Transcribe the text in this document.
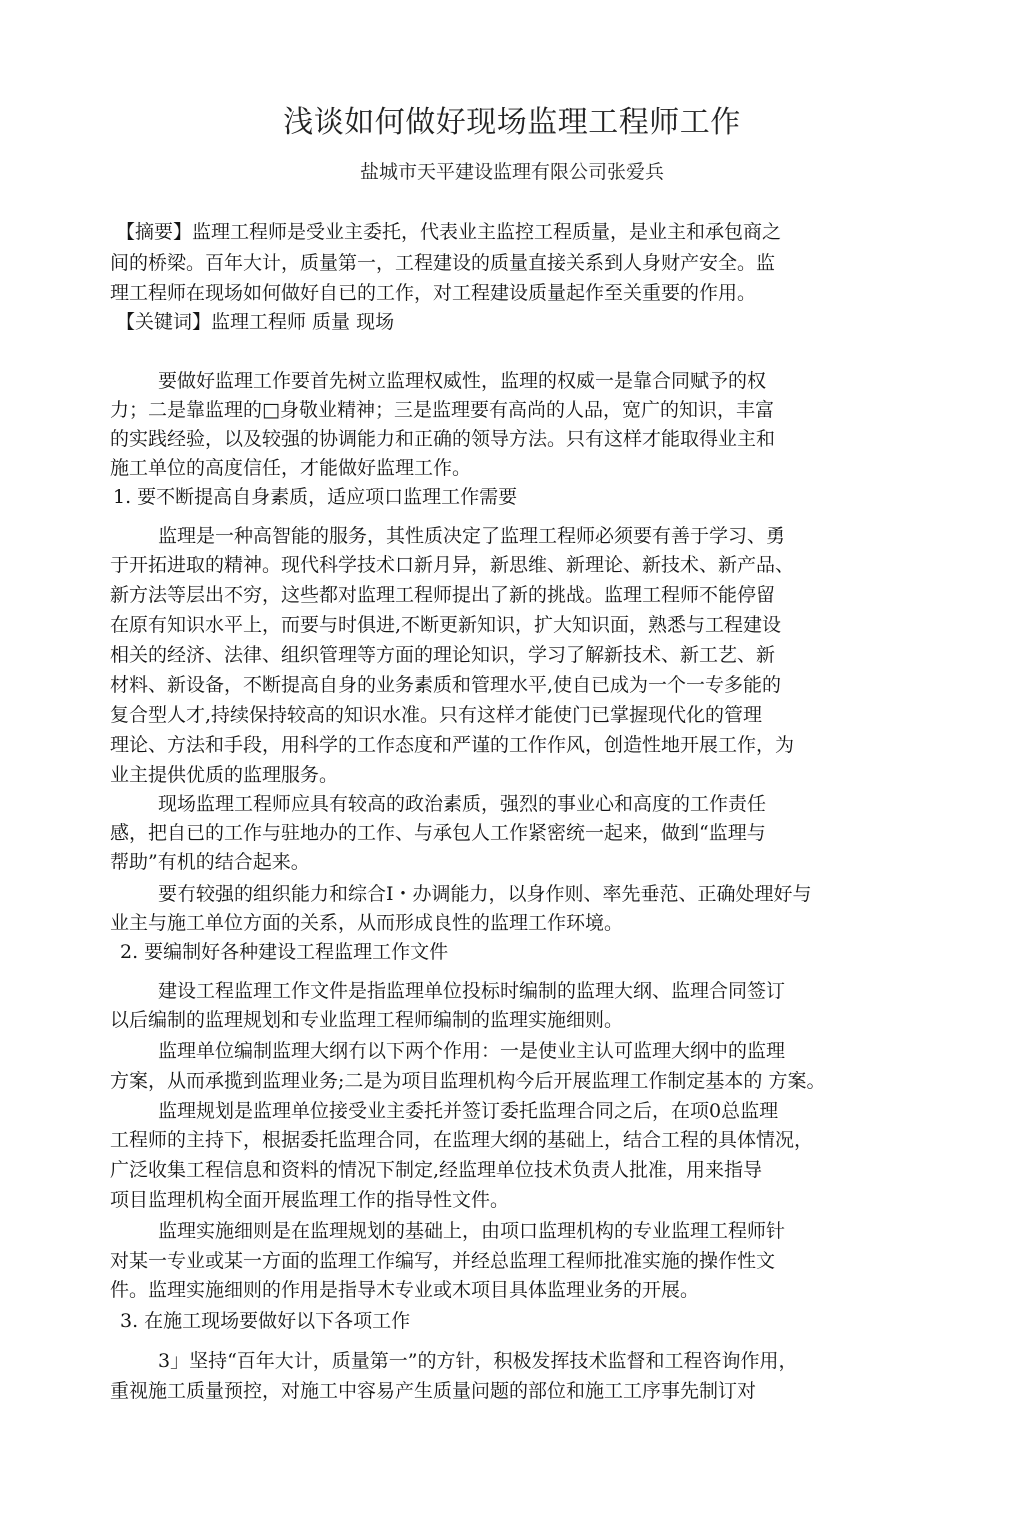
浅谈如何做好现场监理工程师工作
盐城市天平建设监理有限公司张爱兵
【摘要】监理工程师是受业主委托，代表业主监控工程质量，是业主和承包商之
间的桥梁。百年大计，质量第一，工程建设的质量直接关系到人身财产安全。监
理工程师在现场如何做好自已的工作，对工程建设质量起作至关重要的作用。
【关键词】监理工程师 质量 现场
要做好监理工作要首先树立监理权威性，监理的权威一是靠合同赋予的权
力；二是靠监理的□身敬业精神；三是监理要有高尚的人品，宽广的知识，丰富
的实践经验，以及较强的协调能力和正确的领导方法。只有这样才能取得业主和
施工单位的高度信任，才能做好监理工作。
1. 要不断提高自身素质，适应项口监理工作需要
监理是一种高智能的服务，其性质决定了监理工程师必须要有善于学习、勇
于开拓进取的精神。现代科学技术口新月异，新思维、新理论、新技术、新产品、
新方法等层出不穷，这些都对监理工程师提出了新的挑战。监理工程师不能停留
在原有知识水平上，而要与时俱进,不断更新知识，扩大知识面，熟悉与工程建设
相关的经济、法律、组织管理等方面的理论知识，学习了解新技术、新工艺、新
材料、新设备，不断提高自身的业务素质和管理水平,使自已成为一个一专多能的
复合型人才,持续保持较高的知识水准。只有这样才能使门已掌握现代化的管理
理论、方法和手段，用科学的工作态度和严谨的工作作风，创造性地开展工作，为
业主提供优质的监理服务。
现场监理工程师应具有较高的政治素质，强烈的事业心和高度的工作责任
感，把自已的工作与驻地办的工作、与承包人工作紧密统一起来，做到“监理与
帮助”有机的结合起来。
要冇较强的组织能力和综合I・办调能力，以身作则、率先垂范、正确处理好与
业主与施工单位方面的关系，从而形成良性的监理工作环境。
2. 要编制好各种建设工程监理工作文件
建设工程监理工作文件是指监理单位投标时编制的监理大纲、监理合同签订
以后编制的监理规划和专业监理工程师编制的监理实施细则。
监理单位编制监理大纲冇以下两个作用：一是使业主认可监理大纲中的监理
方案，从而承揽到监理业务;二是为项目监理机构今后开展监理工作制定基本的 方案。
监理规划是监理单位接受业主委托并签订委托监理合同之后，在项0总监理
工程师的主持下，根据委托监理合同，在监理大纲的基础上，结合工程的具体情况，
广泛收集工程信息和资料的情况下制定,经监理单位技术负责人批准，用来指导
项目监理机构全面开展监理工作的指导性文件。
监理实施细则是在监理规划的基础上，由项口监理机构的专业监理工程师针
对某一专业或某一方面的监理工作编写，并经总监理工程师批准实施的操作性文
件。监理实施细则的作用是指导木专业或木项目具体监理业务的开展。
3. 在施工现场要做好以下各项工作
3」坚持“百年大计，质量第一”的方针，积极发挥技术监督和工程咨询作用，
重视施工质量预控，对施工中容易产生质量问题的部位和施工工序事先制订对
